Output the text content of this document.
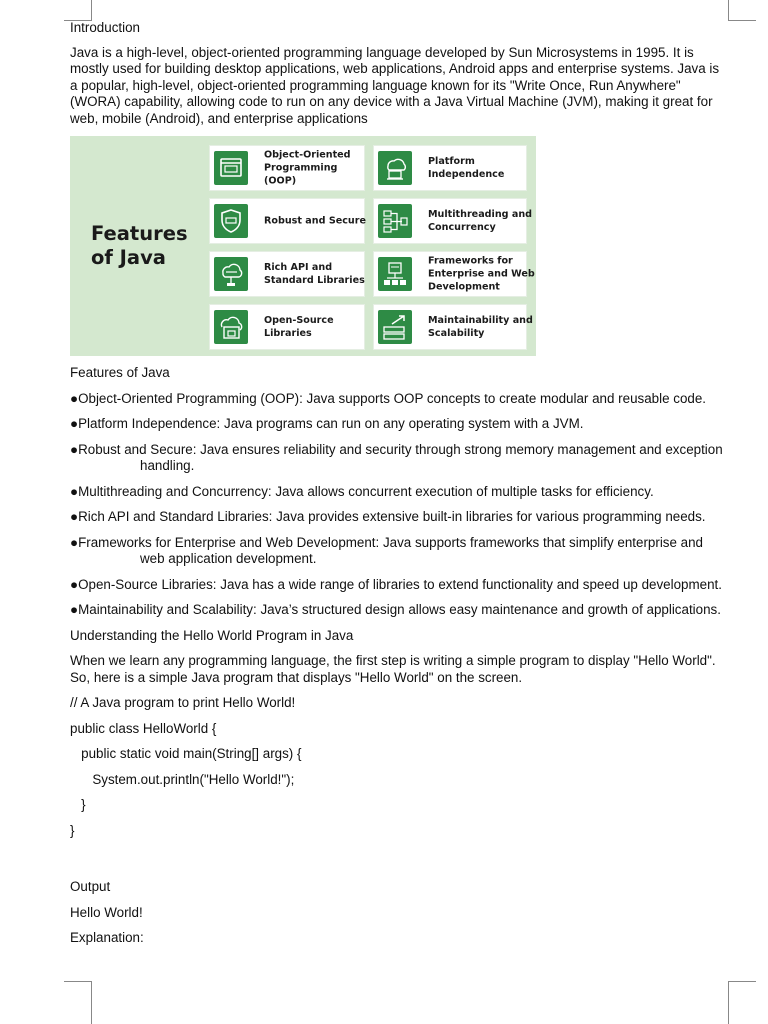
Introduction
Java is a high-level, object-oriented programming language developed by Sun Microsystems in 1995. It is mostly used for building desktop applications, web applications, Android apps and enterprise systems. Java is a popular, high-level, object-oriented programming language known for its "Write Once, Run Anywhere" (WORA) capability, allowing code to run on any device with a Java Virtual Machine (JVM), making it great for web, mobile (Android), and enterprise applications
Features
of Java
Object-Oriented Programming (OOP)
Platform Independence
Robust and Secure
Multithreading and Concurrency
Rich API and Standard Libraries
Frameworks for Enterprise and Web Development
Open-Source Libraries
Maintainability and Scalability
Features of Java
●Object-Oriented Programming (OOP): Java supports OOP concepts to create modular and reusable code.
●Platform Independence: Java programs can run on any operating system with a JVM.
●Robust and Secure: Java ensures reliability and security through strong memory management and exception handling.
●Multithreading and Concurrency: Java allows concurrent execution of multiple tasks for efficiency.
●Rich API and Standard Libraries: Java provides extensive built-in libraries for various programming needs.
●Frameworks for Enterprise and Web Development: Java supports frameworks that simplify enterprise and web application development.
●Open-Source Libraries: Java has a wide range of libraries to extend functionality and speed up development.
●Maintainability and Scalability: Java’s structured design allows easy maintenance and growth of applications.
Understanding the Hello World Program in Java
When we learn any programming language, the first step is writing a simple program to display "Hello World". So, here is a simple Java program that displays "Hello World" on the screen.
// A Java program to print Hello World!
public class HelloWorld {
public static void main(String[] args) {
System.out.println("Hello World!");
}
}
Output
Hello World!
Explanation:
